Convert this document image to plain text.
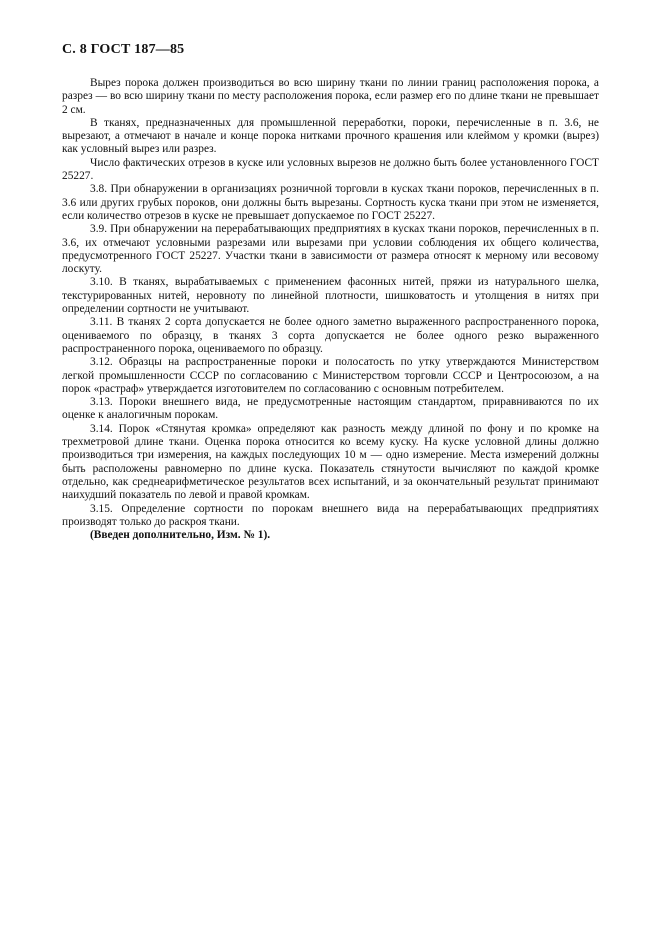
С. 8 ГОСТ 187—85

Вырез порока должен производиться во всю ширину ткани по линии границ расположения порока, а разрез — во всю ширину ткани по месту расположения порока, если размер его по длине ткани не превышает 2 см.

В тканях, предназначенных для промышленной переработки, пороки, перечисленные в п. 3.6, не вырезают, а отмечают в начале и конце порока нитками прочного крашения или клеймом у кромки (вырез) как условный вырез или разрез.

Число фактических отрезов в куске или условных вырезов не должно быть более установленного ГОСТ 25227.

3.8. При обнаружении в организациях розничной торговли в кусках ткани пороков, перечисленных в п. 3.6 или других грубых пороков, они должны быть вырезаны. Сортность куска ткани при этом не изменяется, если количество отрезов в куске не превышает допускаемое по ГОСТ 25227.

3.9. При обнаружении на перерабатывающих предприятиях в кусках ткани пороков, перечисленных в п. 3.6, их отмечают условными разрезами или вырезами при условии соблюдения их общего количества, предусмотренного ГОСТ 25227. Участки ткани в зависимости от размера относят к мерному или весовому лоскуту.

3.10. В тканях, вырабатываемых с применением фасонных нитей, пряжи из натурального шелка, текстурированных нитей, неровноту по линейной плотности, шишковатость и утолщения в нитях при определении сортности не учитывают.

3.11. В тканях 2 сорта допускается не более одного заметно выраженного распространенного порока, оцениваемого по образцу, в тканях 3 сорта допускается не более одного резко выраженного распространенного порока, оцениваемого по образцу.

3.12. Образцы на распространенные пороки и полосатость по утку утверждаются Министерством легкой промышленности СССР по согласованию с Министерством торговли СССР и Центросоюзом, а на порок «растраф» утверждается изготовителем по согласованию с основным потребителем.

3.13. Пороки внешнего вида, не предусмотренные настоящим стандартом, приравниваются по их оценке к аналогичным порокам.

3.14. Порок «Стянутая кромка» определяют как разность между длиной по фону и по кромке на трехметровой длине ткани. Оценка порока относится ко всему куску. На куске условной длины должно производиться три измерения, на каждых последующих 10 м — одно измерение. Места измерений должны быть расположены равномерно по длине куска. Показатель стянутости вычисляют по каждой кромке отдельно, как среднеарифметическое результатов всех испытаний, и за окончательный результат принимают наихудший показатель по левой и правой кромкам.

3.15. Определение сортности по порокам внешнего вида на перерабатывающих предприятиях производят только до раскроя ткани.

(Введен дополнительно, Изм. № 1).
